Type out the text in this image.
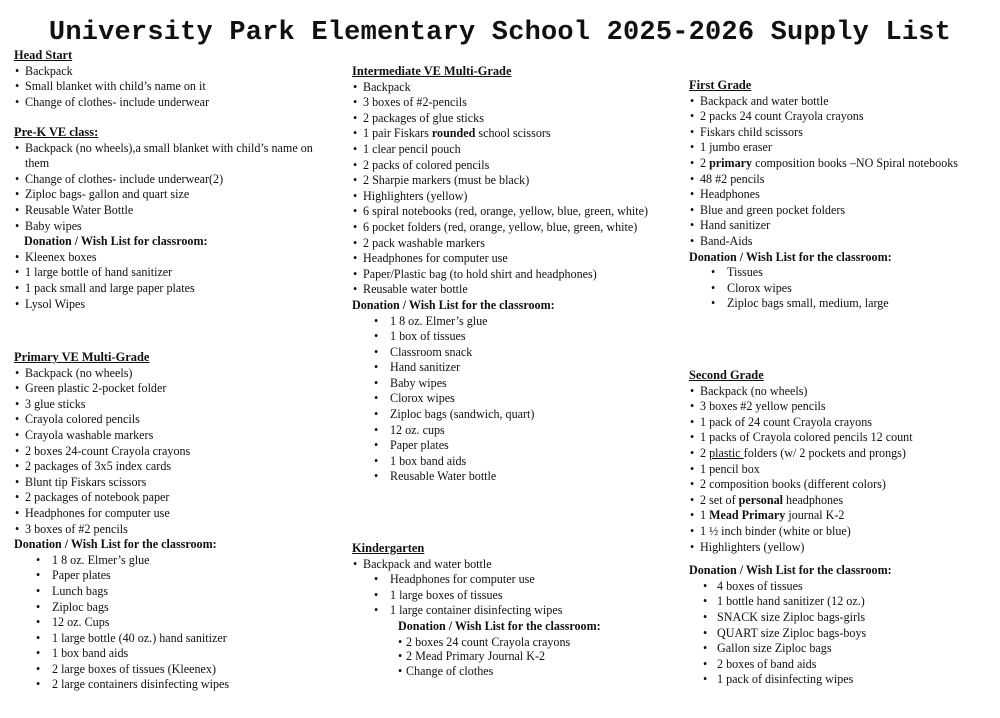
University Park Elementary School 2025-2026 Supply List
Head Start
• Backpack
• Small blanket with child’s name on it
• Change of clothes- include underwear
Pre-K VE class:
• Backpack (no wheels),a small blanket with child’s name on them
• Change of clothes- include underwear(2)
• Ziploc bags- gallon and quart size
• Reusable Water Bottle
• Baby wipes
Donation / Wish List for classroom:
• Kleenex boxes
• 1 large bottle of hand sanitizer
• 1 pack small and large paper plates
• Lysol Wipes
Primary VE Multi-Grade
• Backpack (no wheels)
• Green plastic 2-pocket folder
• 3 glue sticks
• Crayola colored pencils
• Crayola washable markers
• 2 boxes 24-count Crayola crayons
• 2 packages of 3x5 index cards
• Blunt tip Fiskars scissors
• 2 packages of notebook paper
• Headphones for computer use
• 3 boxes of #2 pencils
Donation / Wish List for the classroom:
• 1 8 oz. Elmer’s glue
• Paper plates
• Lunch bags
• Ziploc bags
• 12 oz. Cups
• 1 large bottle (40 oz.) hand sanitizer
• 1 box band aids
• 2 large boxes of tissues (Kleenex)
• 2 large containers disinfecting wipes
Intermediate VE Multi-Grade
• Backpack
• 3 boxes of #2-pencils
• 2 packages of glue sticks
• 1 pair Fiskars rounded school scissors
• 1 clear pencil pouch
• 2 packs of colored pencils
• 2 Sharpie markers (must be black)
• Highlighters (yellow)
• 6 spiral notebooks (red, orange, yellow, blue, green, white)
• 6 pocket folders (red, orange, yellow, blue, green, white)
• 2 pack washable markers
• Headphones for computer use
• Paper/Plastic bag (to hold shirt and headphones)
• Reusable water bottle
Donation / Wish List for the classroom:
• 1 8 oz. Elmer’s glue
• 1 box of tissues
• Classroom snack
• Hand sanitizer
• Baby wipes
• Clorox wipes
• Ziploc bags (sandwich, quart)
• 12 oz. cups
• Paper plates
• 1 box band aids
• Reusable Water bottle
Kindergarten
• Backpack and water bottle
• Headphones for computer use
• 1 large boxes of tissues
• 1 large container disinfecting wipes
Donation / Wish List for the classroom:
• 2 boxes 24 count Crayola crayons
• 2 Mead Primary Journal K-2
• Change of clothes
First Grade
• Backpack and water bottle
• 2 packs 24 count Crayola crayons
• Fiskars child scissors
• 1 jumbo eraser
• 2 primary composition books –NO Spiral notebooks
• 48 #2 pencils
• Headphones
• Blue and green pocket folders
• Hand sanitizer
• Band-Aids
Donation / Wish List for the classroom:
• Tissues
• Clorox wipes
• Ziploc bags small, medium, large
Second Grade
• Backpack (no wheels)
• 3 boxes #2 yellow pencils
• 1 pack of 24 count Crayola crayons
• 1 packs of Crayola colored pencils 12 count
• 2 plastic folders (w/ 2 pockets and prongs)
• 1 pencil box
• 2 composition books (different colors)
• 2 set of personal headphones
• 1 Mead Primary journal K-2
• 1 ½ inch binder (white or blue)
• Highlighters (yellow)
Donation / Wish List for the classroom:
• 4 boxes of tissues
• 1 bottle hand sanitizer (12 oz.)
• SNACK size Ziploc bags-girls
• QUART size Ziploc bags-boys
• Gallon size Ziploc bags
• 2 boxes of band aids
• 1 pack of disinfecting wipes
